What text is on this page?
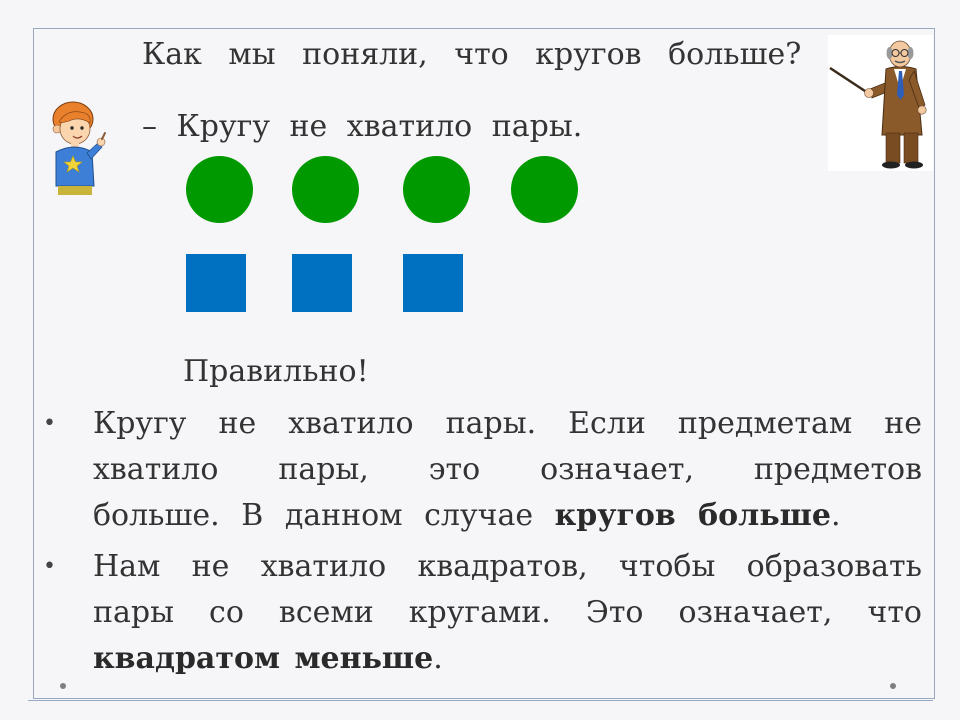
Как мы поняли, что кругов больше?
– Кругу не хватило пары.
Правильно!
• Кругу не хватило пары. Если предметам не
хватило пары, это означает, предметов
больше. В данном случае кругов больше.
• Нам не хватило квадратов, чтобы образовать
пары со всеми кругами. Это означает, что
квадратом меньше.
